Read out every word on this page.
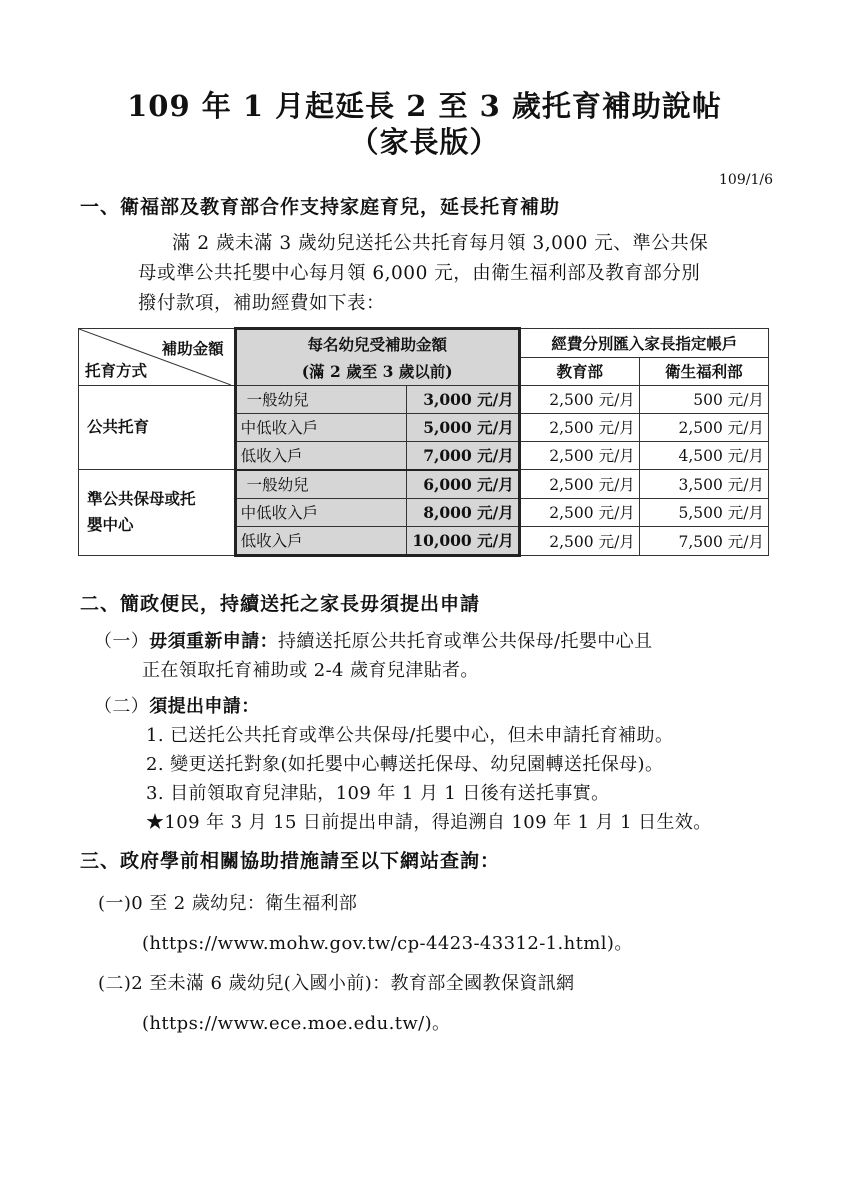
109 年 1 月起延長 2 至 3 歲托育補助說帖
（家長版）
109/1/6
一、衛福部及教育部合作支持家庭育兒，延長托育補助
滿 2 歲未滿 3 歲幼兒送托公共托育每月領 3,000 元、準公共保
母或準公共托嬰中心每月領 6,000 元，由衛生福利部及教育部分別
撥付款項，補助經費如下表：
補助金額
托育方式	每名幼兒受補助金額		經費分別匯入家長指定帳戶	
	(滿 2 歲至 3 歲以前)		教育部	衛生福利部
公共托育	一般幼兒	3,000 元/月	2,500 元/月	500 元/月
	中低收入戶	5,000 元/月	2,500 元/月	2,500 元/月
	低收入戶	7,000 元/月	2,500 元/月	4,500 元/月

準公共保母或托
嬰中心	一般幼兒	6,000 元/月	2,500 元/月	3,500 元/月
	中低收入戶	8,000 元/月	2,500 元/月	5,500 元/月
	低收入戶	10,000 元/月	2,500 元/月	7,500 元/月
二、簡政便民，持續送托之家長毋須提出申請
（一）毋須重新申請：持續送托原公共托育或準公共保母/托嬰中心且
正在領取托育補助或 2-4 歲育兒津貼者。
（二）須提出申請：
1. 已送托公共托育或準公共保母/托嬰中心，但未申請托育補助。
2. 變更送托對象(如托嬰中心轉送托保母、幼兒園轉送托保母)。
3. 目前領取育兒津貼，109 年 1 月 1 日後有送托事實。
★109 年 3 月 15 日前提出申請，得追溯自 109 年 1 月 1 日生效。
三、政府學前相關協助措施請至以下網站查詢：
(一)0 至 2 歲幼兒：衛生福利部
(https://www.mohw.gov.tw/cp-4423-43312-1.html)。
(二)2 至未滿 6 歲幼兒(入國小前)：教育部全國教保資訊網
(https://www.ece.moe.edu.tw/)。
